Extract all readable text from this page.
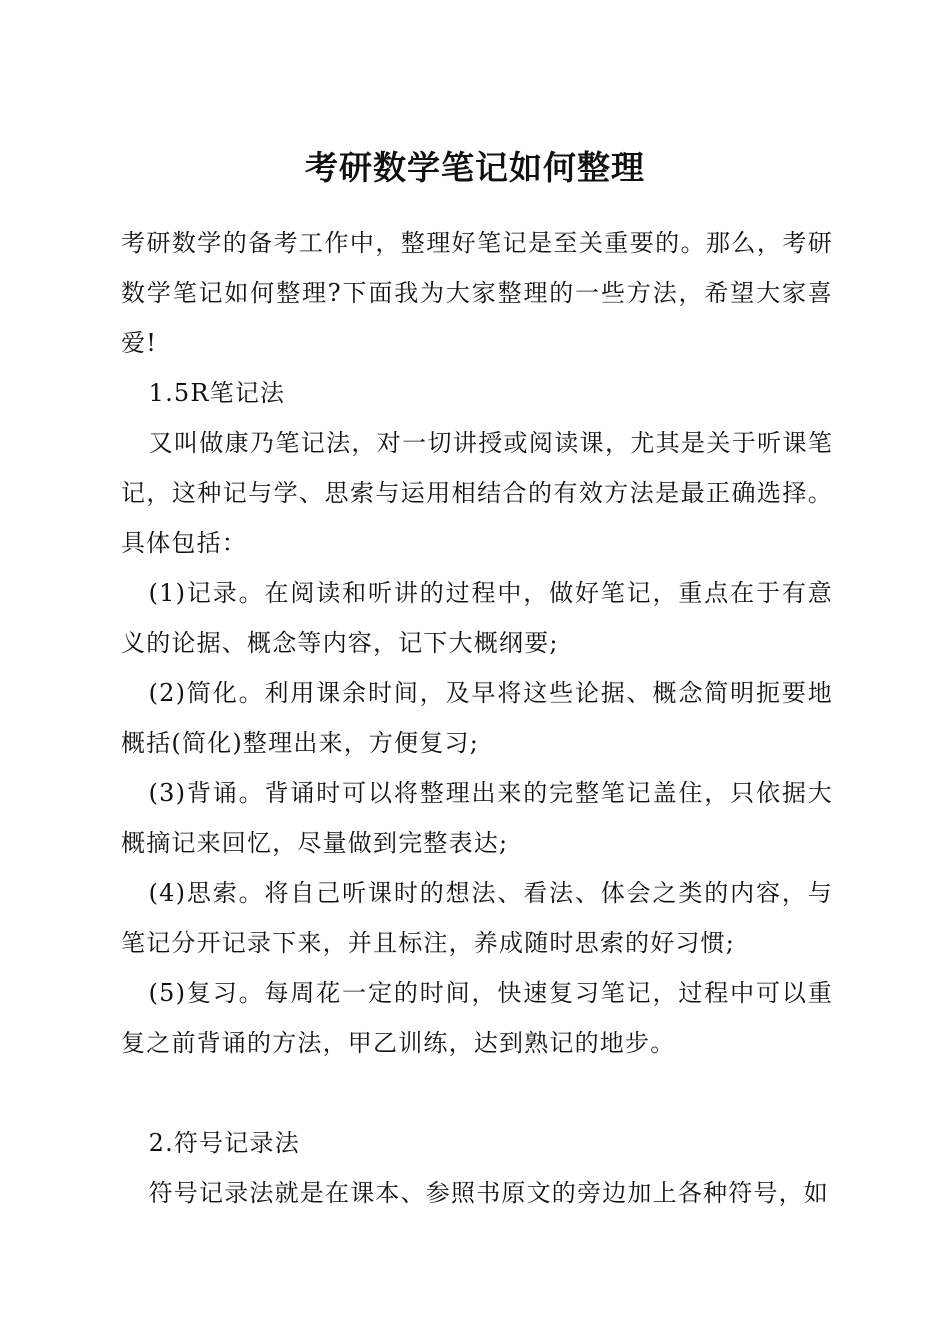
考研数学笔记如何整理

考研数学的备考工作中，整理好笔记是至关重要的。那么，考研数学笔记如何整理?下面我为大家整理的一些方法，希望大家喜爱!

1.5R笔记法

又叫做康乃笔记法，对一切讲授或阅读课，尤其是关于听课笔记，这种记与学、思索与运用相结合的有效方法是最正确选择。具体包括：

(1)记录。在阅读和听讲的过程中，做好笔记，重点在于有意义的论据、概念等内容，记下大概纲要;

(2)简化。利用课余时间，及早将这些论据、概念简明扼要地概括(简化)整理出来，方便复习;

(3)背诵。背诵时可以将整理出来的完整笔记盖住，只依据大概摘记来回忆，尽量做到完整表达;

(4)思索。将自己听课时的想法、看法、体会之类的内容，与笔记分开记录下来，并且标注，养成随时思索的好习惯;

(5)复习。每周花一定的时间，快速复习笔记，过程中可以重复之前背诵的方法，甲乙训练，达到熟记的地步。

2.符号记录法

符号记录法就是在课本、参照书原文的旁边加上各种符号，如
